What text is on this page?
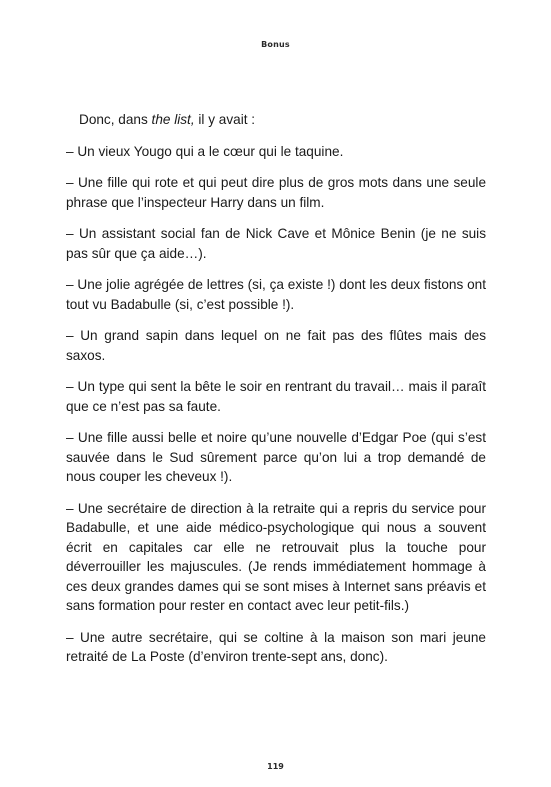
Bonus

Donc, dans the list, il y avait :

– Un vieux Yougo qui a le cœur qui le taquine.

– Une fille qui rote et qui peut dire plus de gros mots dans une seule phrase que l’inspecteur Harry dans un film.

– Un assistant social fan de Nick Cave et Mônice Benin (je ne suis pas sûr que ça aide…).

– Une jolie agrégée de lettres (si, ça existe !) dont les deux fistons ont tout vu Badabulle (si, c’est possible !).

– Un grand sapin dans lequel on ne fait pas des flûtes mais des saxos.

– Un type qui sent la bête le soir en rentrant du travail… mais il paraît que ce n’est pas sa faute.

– Une fille aussi belle et noire qu’une nouvelle d’Edgar Poe (qui s’est sauvée dans le Sud sûrement parce qu’on lui a trop demandé de nous couper les cheveux !).

– Une secrétaire de direction à la retraite qui a repris du service pour Badabulle, et une aide médico-psychologique qui nous a souvent écrit en capitales car elle ne retrouvait plus la touche pour déverrouiller les majuscules. (Je rends immédiatement hommage à ces deux grandes dames qui se sont mises à Internet sans préavis et sans formation pour rester en contact avec leur petit-fils.)

– Une autre secrétaire, qui se coltine à la maison son mari jeune retraité de La Poste (d’environ trente-sept ans, donc).

119
